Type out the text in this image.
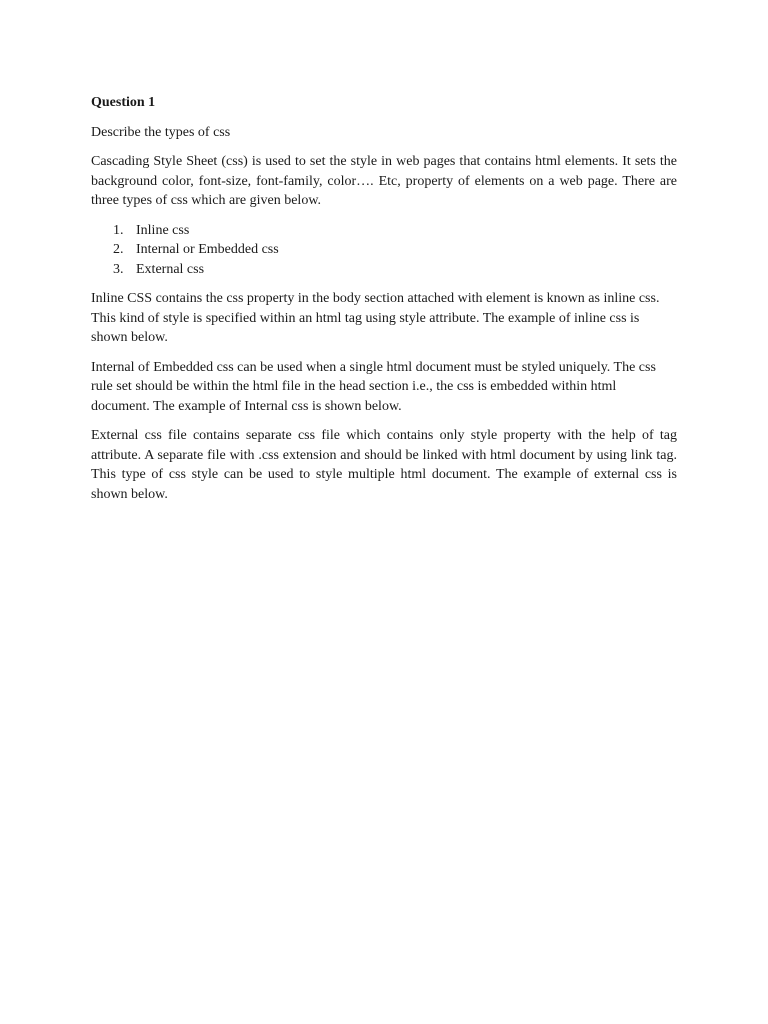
Question 1

Describe the types of css

Cascading Style Sheet (css) is used to set the style in web pages that contains html elements. It sets the background color, font-size, font-family, color…. Etc, property of elements on a web page. There are three types of css which are given below.

1. Inline css
2. Internal or Embedded css
3. External css

Inline CSS contains the css property in the body section attached with element is known as inline css. This kind of style is specified within an html tag using style attribute. The example of inline css is shown below.

Internal of Embedded css can be used when a single html document must be styled uniquely. The css rule set should be within the html file in the head section i.e., the css is embedded within html document. The example of Internal css is shown below.

External css file contains separate css file which contains only style property with the help of tag attribute. A separate file with .css extension and should be linked with html document by using link tag. This type of css style can be used to style multiple html document. The example of external css is shown below.
